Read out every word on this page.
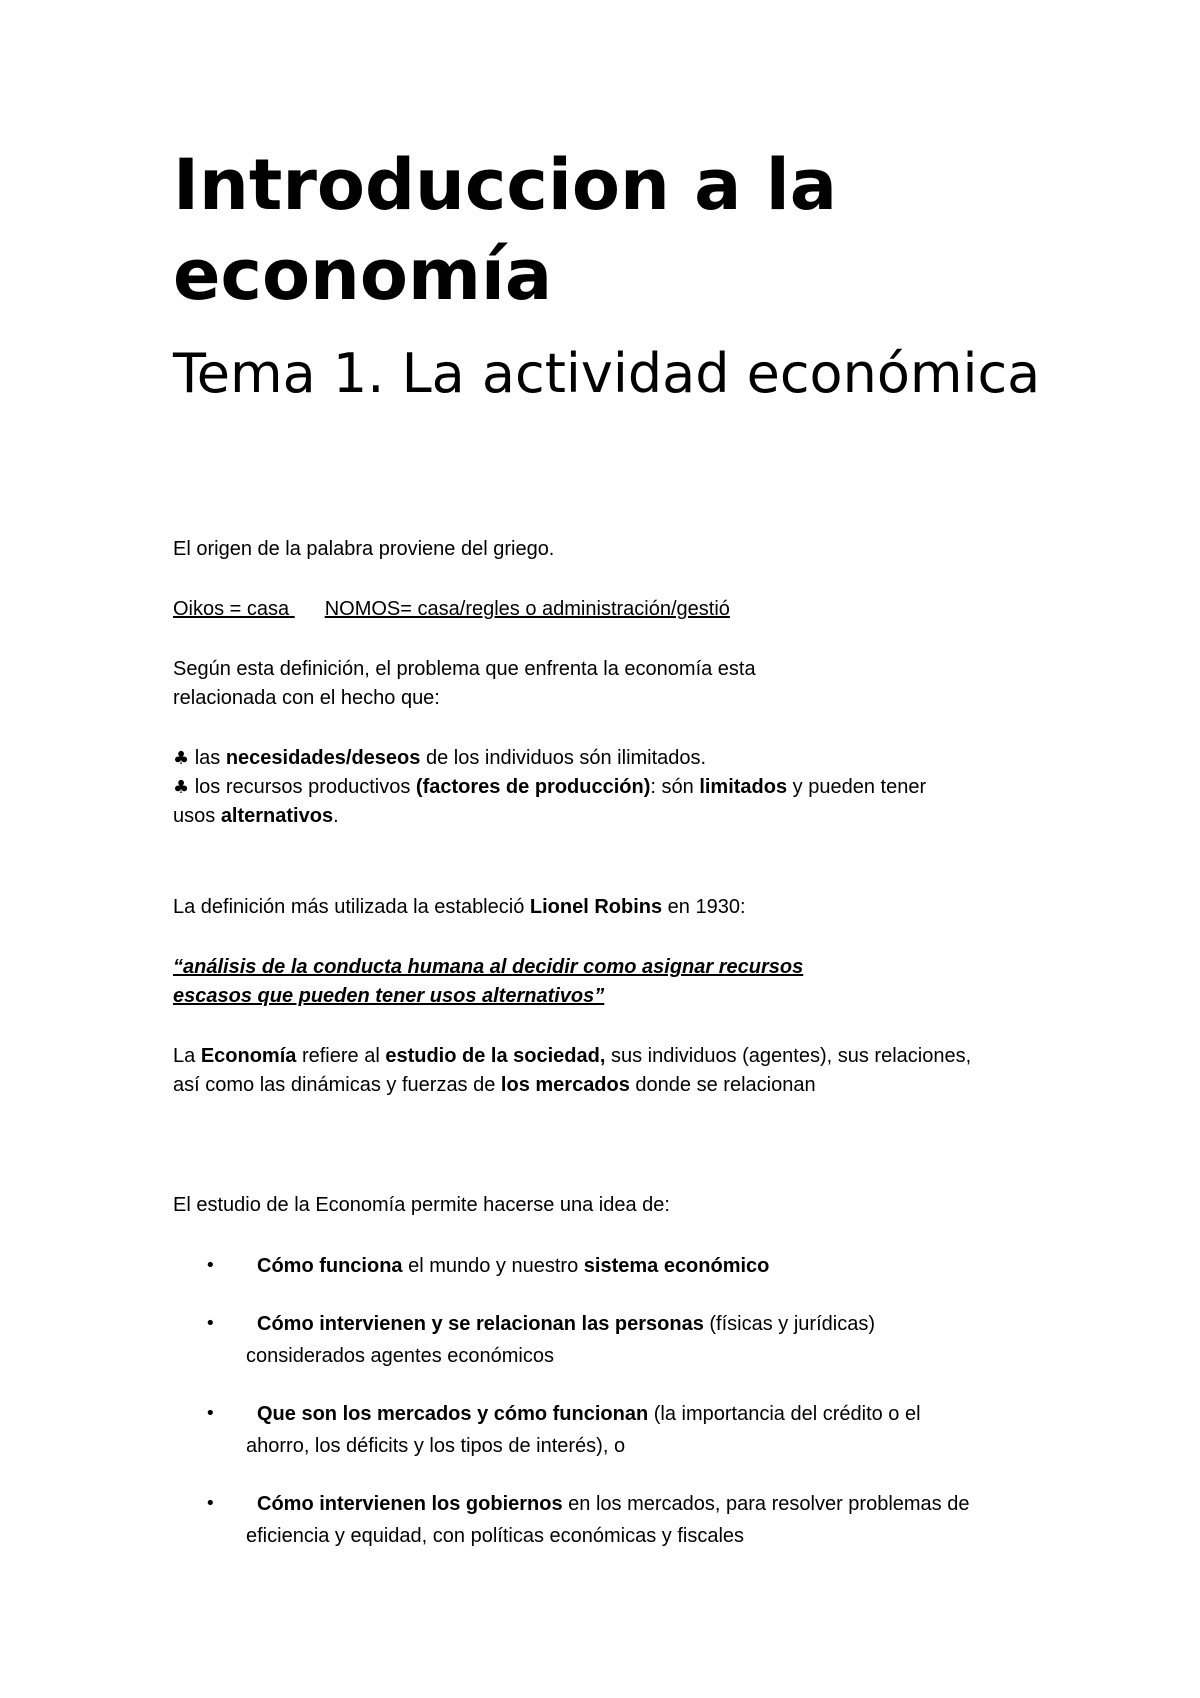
Introduccion a la economía
Tema 1. La actividad económica
El origen de la palabra proviene del griego.
Oikos = casa NOMOS= casa/regles o administración/gestió
Según esta definición, el problema que enfrenta la economía esta
relacionada con el hecho que:
♣ las necesidades/deseos de los individuos són ilimitados.
♣ los recursos productivos (factores de producción): són limitados y pueden tener
usos alternativos.
La definición más utilizada la estableció Lionel Robins en 1930:
“análisis de la conducta humana al decidir como asignar recursos
escasos que pueden tener usos alternativos”
La Economía refiere al estudio de la sociedad, sus individuos (agentes), sus relaciones,
así como las dinámicas y fuerzas de los mercados donde se relacionan
El estudio de la Economía permite hacerse una idea de:
•	Cómo funciona el mundo y nuestro sistema económico
•	Cómo intervienen y se relacionan las personas (físicas y jurídicas)
considerados agentes económicos
•	Que son los mercados y cómo funcionan (la importancia del crédito o el
ahorro, los déficits y los tipos de interés), o
•	Cómo intervienen los gobiernos en los mercados, para resolver problemas de
eficiencia y equidad, con políticas económicas y fiscales
